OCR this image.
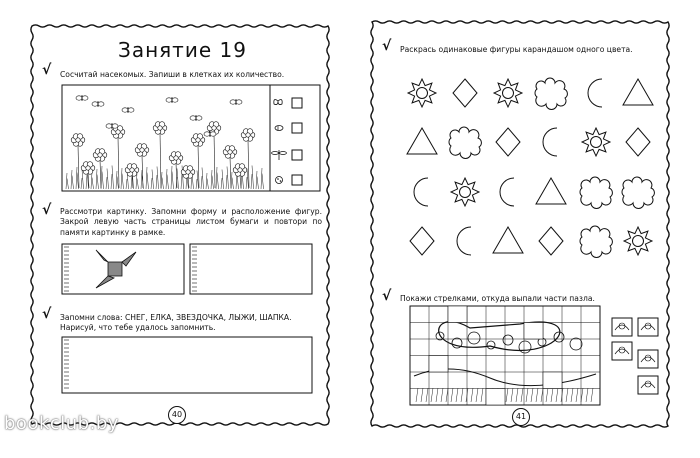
Занятие 19
√ Сосчитай насекомых. Запиши в клетках их количество.
√ Рассмотри картинку. Запомни форму и расположение фигур. Закрой левую часть страницы листом бумаги и повтори по памяти картинку в рамке.
√ Запомни слова: СНЕГ, ЕЛКА, ЗВЕЗДОЧКА, ЛЫЖИ, ШАПКА. Нарисуй, что тебе удалось запомнить.
40
√ Раскрась одинаковые фигуры карандашом одного цвета.
√ Покажи стрелками, откуда выпали части пазла.
41
bookclub.by
